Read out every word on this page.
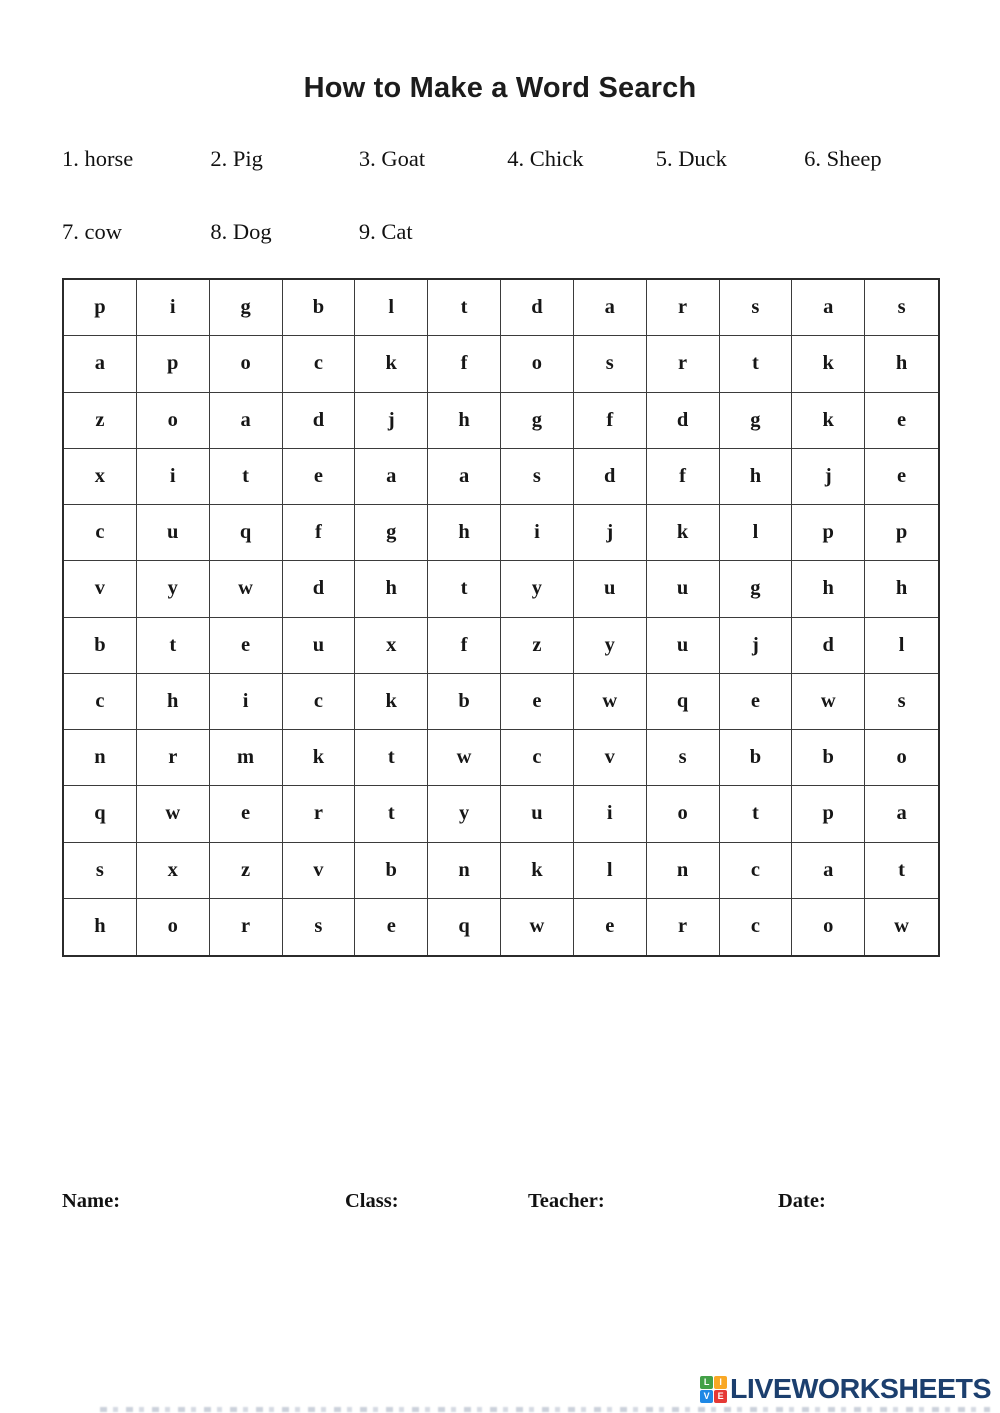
How to Make a Word Search
1. horse	2. Pig	3. Goat	4. Chick	5. Duck	6. Sheep
7. cow	8. Dog	9. Cat
p	i	g	b	l	t	d	a	r	s	a	s
a	p	o	c	k	f	o	s	r	t	k	h
z	o	a	d	j	h	g	f	d	g	k	e
x	i	t	e	a	a	s	d	f	h	j	e
c	u	q	f	g	h	i	j	k	l	p	p
v	y	w	d	h	t	y	u	u	g	h	h
b	t	e	u	x	f	z	y	u	j	d	l
c	h	i	c	k	b	e	w	q	e	w	s
n	r	m	k	t	w	c	v	s	b	b	o
q	w	e	r	t	y	u	i	o	t	p	a
s	x	z	v	b	n	k	l	n	c	a	t
h	o	r	s	e	q	w	e	r	c	o	w
Name:	Class:	Teacher:	Date:
L	I
V E LIVEWORKSHEETS
